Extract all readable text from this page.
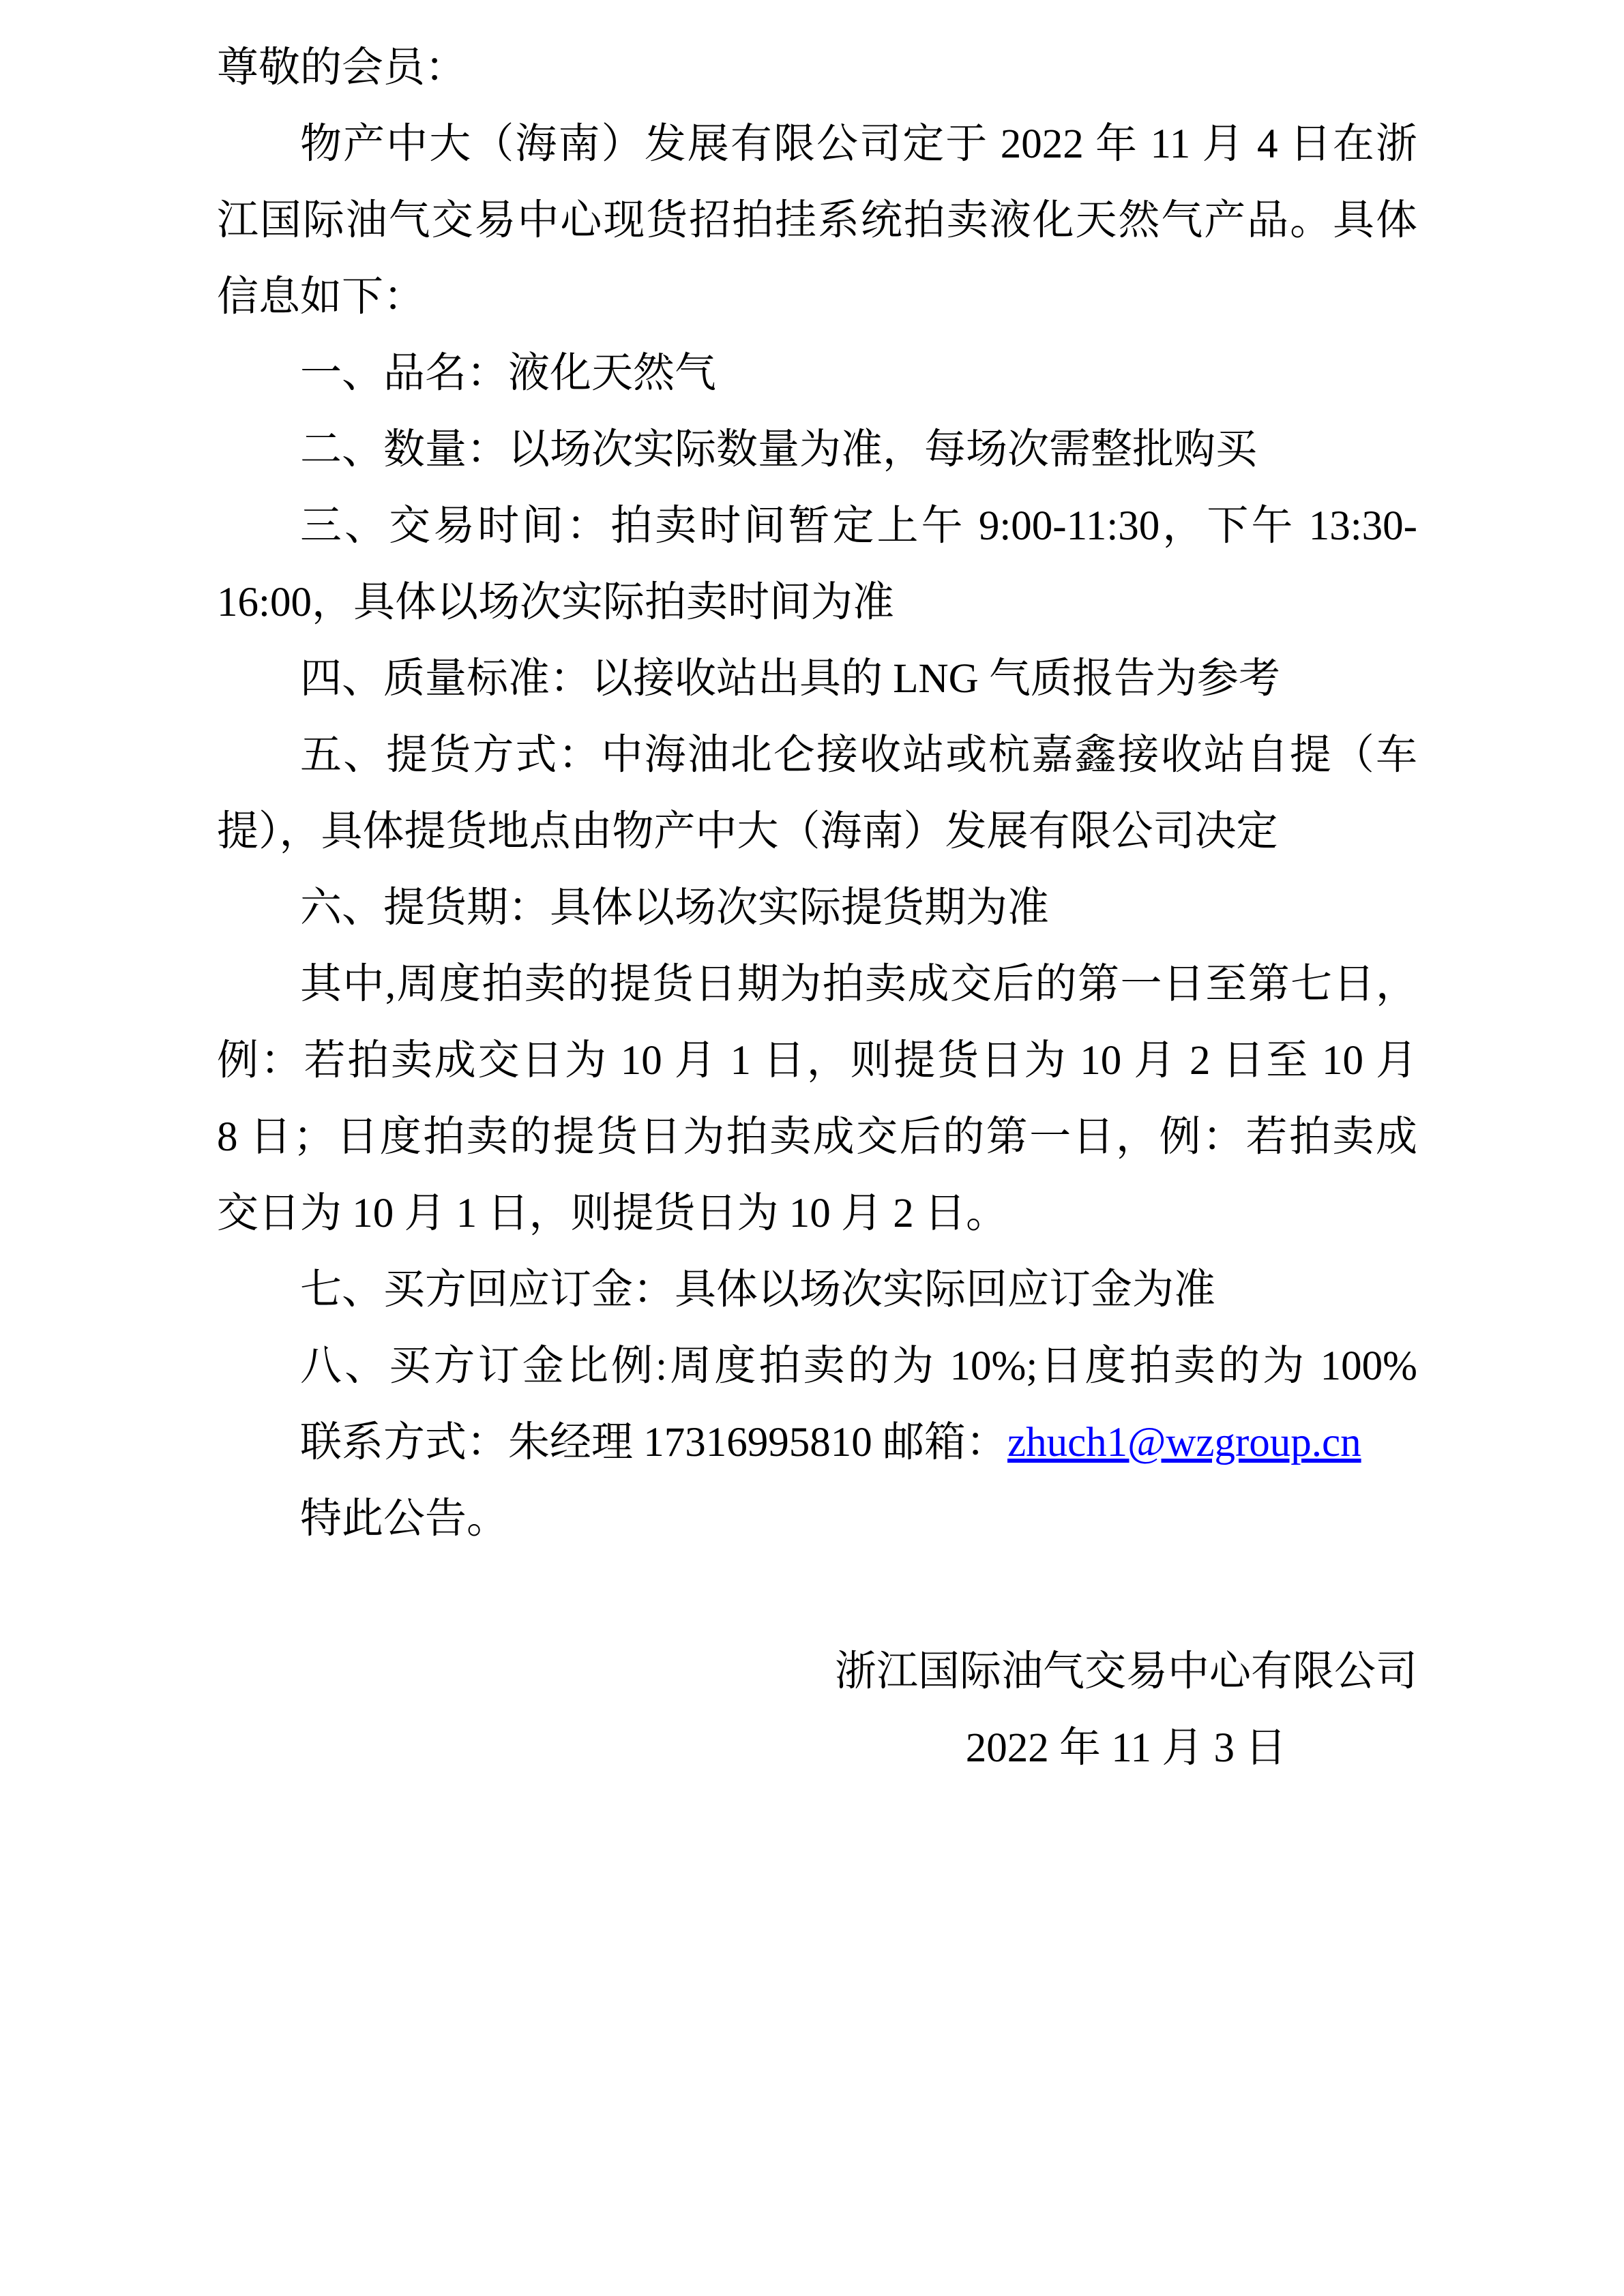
尊敬的会员：
物产中大（海南）发展有限公司定于 2022 年 11 月 4 日在浙
江国际油气交易中心现货招拍挂系统拍卖液化天然气产品。具体
信息如下：
一、品名：液化天然气
二、数量：以场次实际数量为准，每场次需整批购买
三、交易时间：拍卖时间暂定上午 9:00-11:30，下午 13:30-
16:00，具体以场次实际拍卖时间为准
四、质量标准：以接收站出具的 LNG 气质报告为参考
五、提货方式：中海油北仑接收站或杭嘉鑫接收站自提（车
提），具体提货地点由物产中大（海南）发展有限公司决定
六、提货期：具体以场次实际提货期为准
其中,周度拍卖的提货日期为拍卖成交后的第一日至第七日，
例：若拍卖成交日为 10 月 1 日，则提货日为 10 月 2 日至 10 月
8 日；日度拍卖的提货日为拍卖成交后的第一日，例：若拍卖成
交日为 10 月 1 日，则提货日为 10 月 2 日。
七、买方回应订金：具体以场次实际回应订金为准
八、买方订金比例:周度拍卖的为 10%;日度拍卖的为 100%
联系方式：朱经理 17316995810 邮箱：zhuch1@wzgroup.cn
特此公告。
浙江国际油气交易中心有限公司
2022 年 11 月 3 日
